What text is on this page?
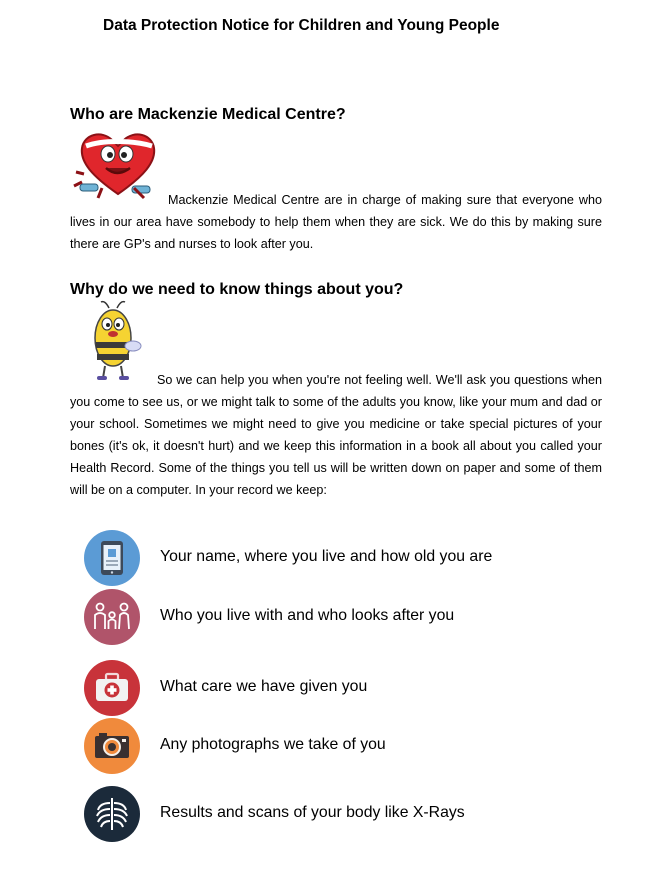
Data Protection Notice for Children and Young People
Who are Mackenzie Medical Centre?

Mackenzie Medical Centre are in charge of making sure that everyone who lives in our area have somebody to help them when they are sick. We do this by making sure there are GP's and nurses to look after you.

Why do we need to know things about you?

So we can help you when you're not feeling well. We'll ask you questions when you come to see us, or we might talk to some of the adults you know, like your mum and dad or your school. Sometimes we might need to give you medicine or take special pictures of your bones (it's ok, it doesn't hurt) and we keep this information in a book all about you called your Health Record. Some of the things you tell us will be written down on paper and some of them will be on a computer. In your record we keep:

Your name, where you live and how old you are
Who you live with and who looks after you
What care we have given you
Any photographs we take of you
Results and scans of your body like X-Rays
